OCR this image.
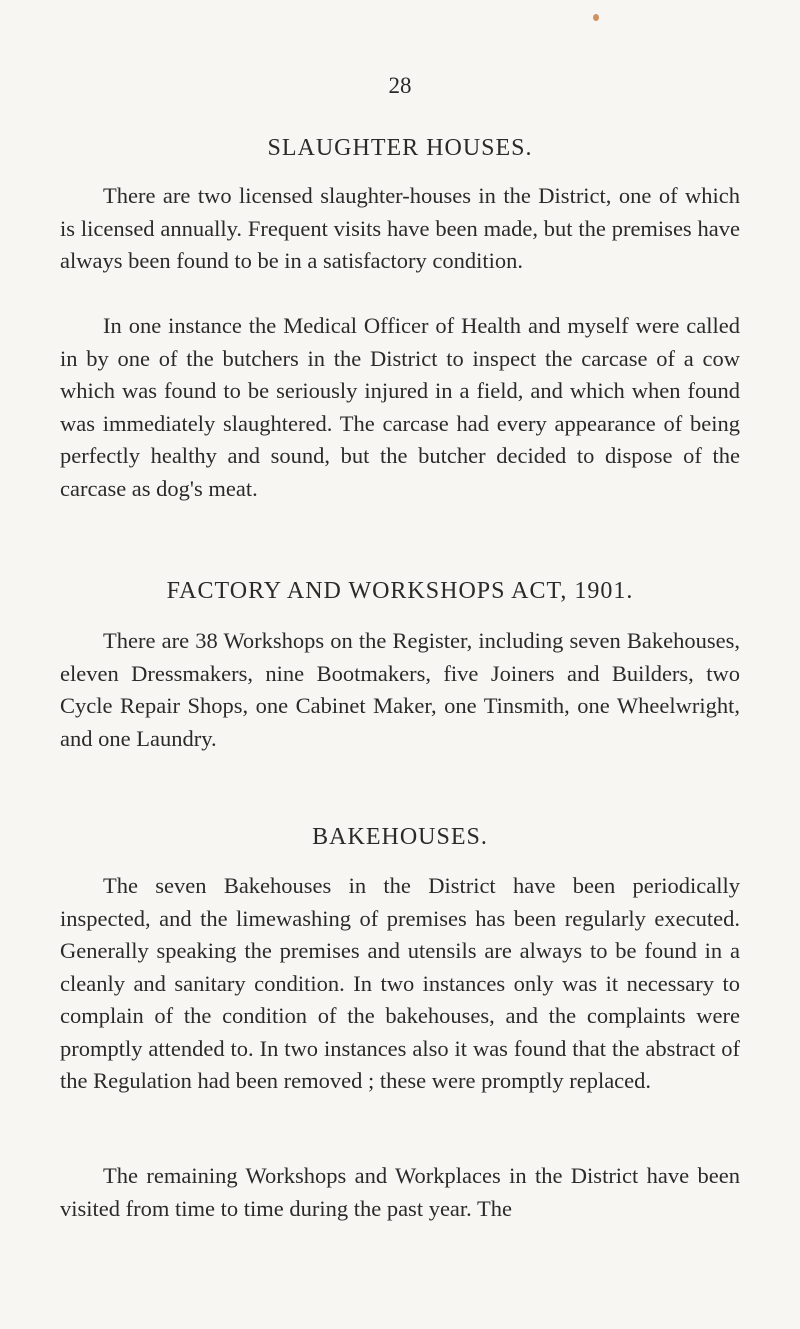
28
SLAUGHTER HOUSES.

There are two licensed slaughter-houses in the District, one of which is licensed annually. Frequent visits have been made, but the premises have always been found to be in a satisfactory condition.

In one instance the Medical Officer of Health and myself were called in by one of the butchers in the District to inspect the carcase of a cow which was found to be seriously injured in a field, and which when found was immediately slaughtered. The carcase had every appearance of being perfectly healthy and sound, but the butcher decided to dispose of the carcase as dog's meat.

FACTORY AND WORKSHOPS ACT, 1901.

There are 38 Workshops on the Register, including seven Bakehouses, eleven Dressmakers, nine Bootmakers, five Joiners and Builders, two Cycle Repair Shops, one Cabinet Maker, one Tinsmith, one Wheelwright, and one Laundry.

BAKEHOUSES.

The seven Bakehouses in the District have been periodically inspected, and the limewashing of premises has been regularly executed. Generally speaking the premises and utensils are always to be found in a cleanly and sanitary condition. In two instances only was it necessary to complain of the condition of the bakehouses, and the complaints were promptly attended to. In two instances also it was found that the abstract of the Regulation had been removed ; these were promptly replaced.

The remaining Workshops and Workplaces in the District have been visited from time to time during the past year. The
